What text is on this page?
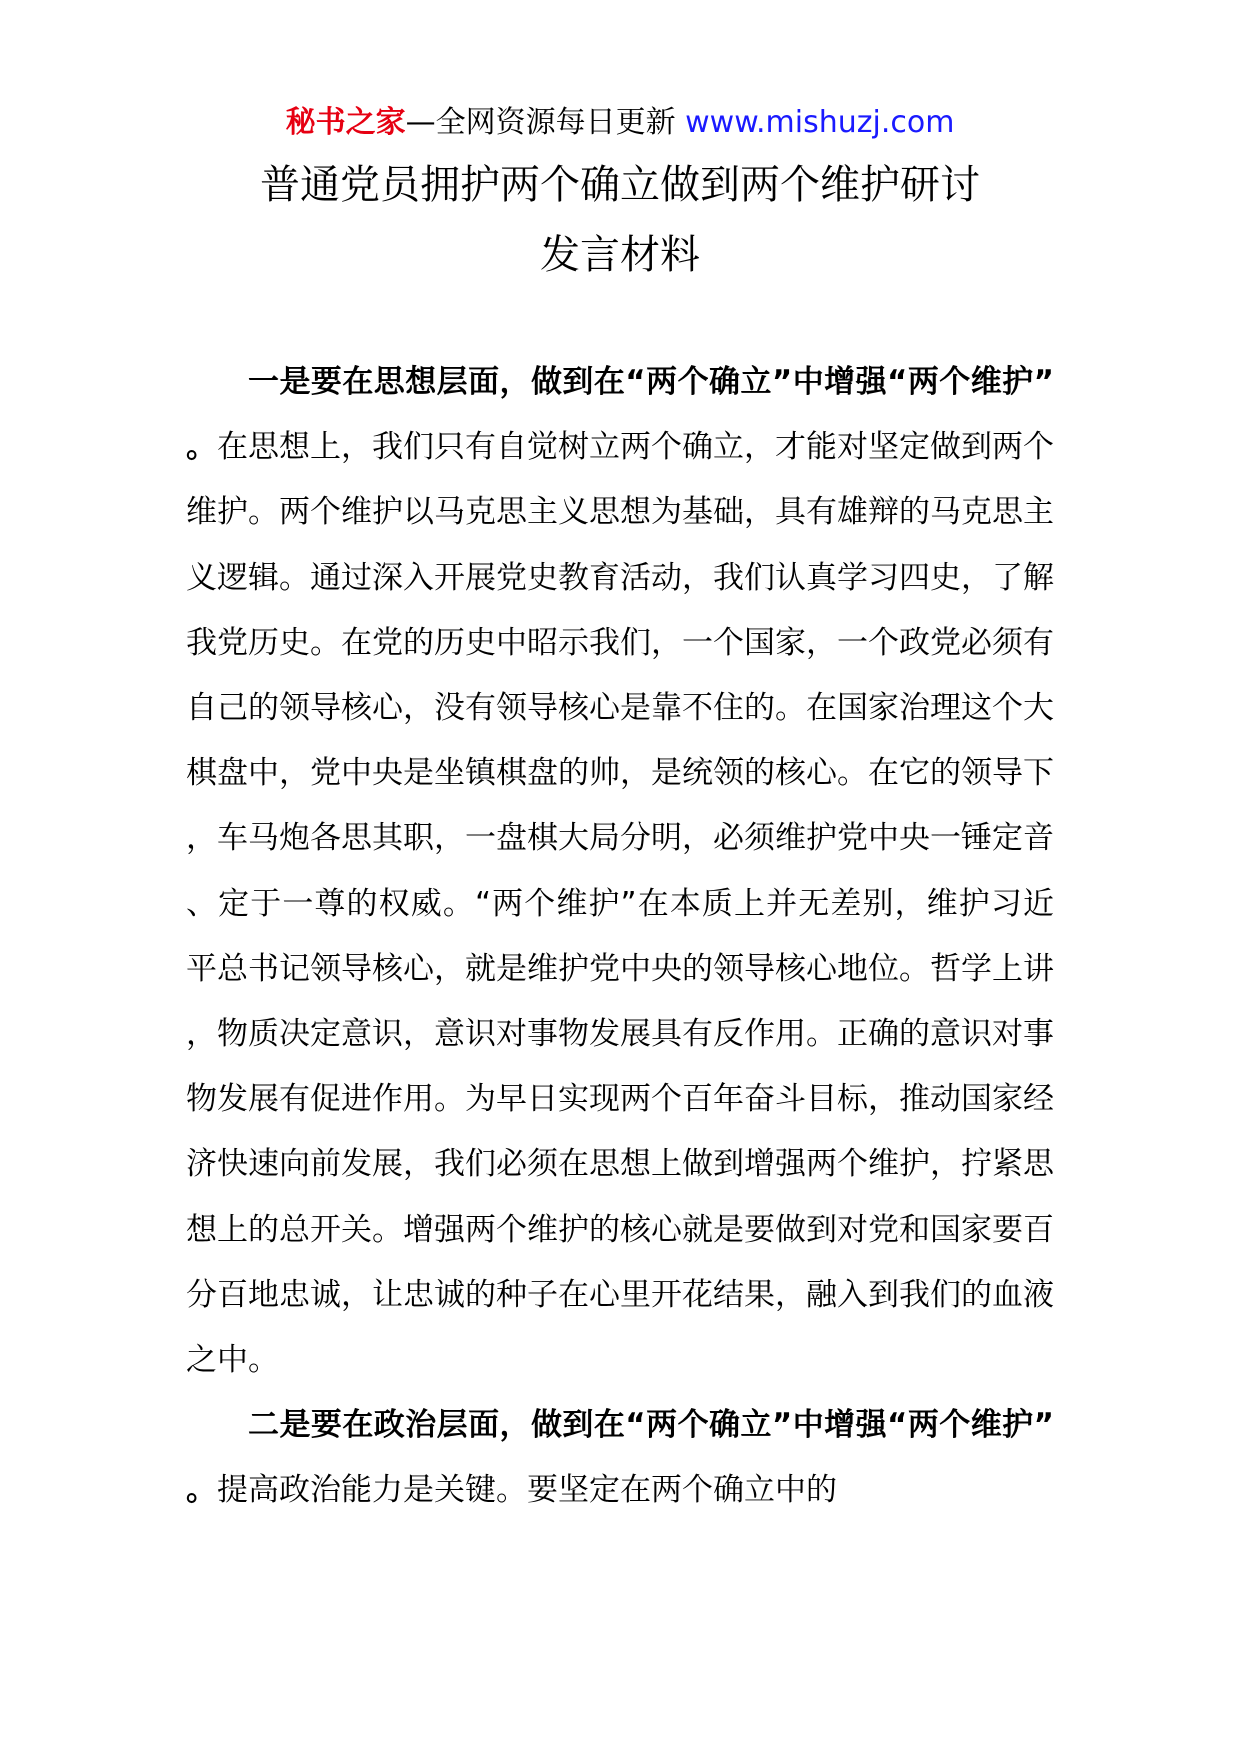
秘书之家—全网资源每日更新 www.mishuzj.com
普通党员拥护两个确立做到两个维护研讨
发言材料

一是要在思想层面，做到在“两个确立”中增强“两个维护”。在思想上，我们只有自觉树立两个确立，才能对坚定做到两个维护。两个维护以马克思主义思想为基础，具有雄辩的马克思主义逻辑。通过深入开展党史教育活动，我们认真学习四史，了解我党历史。在党的历史中昭示我们，一个国家，一个政党必须有自己的领导核心，没有领导核心是靠不住的。在国家治理这个大棋盘中，党中央是坐镇棋盘的帅，是统领的核心。在它的领导下，车马炮各思其职，一盘棋大局分明，必须维护党中央一锤定音、定于一尊的权威。“两个维护”在本质上并无差别，维护习近平总书记领导核心，就是维护党中央的领导核心地位。哲学上讲，物质决定意识，意识对事物发展具有反作用。正确的意识对事物发展有促进作用。为早日实现两个百年奋斗目标，推动国家经济快速向前发展，我们必须在思想上做到增强两个维护，拧紧思想上的总开关。增强两个维护的核心就是要做到对党和国家要百分百地忠诚，让忠诚的种子在心里开花结果，融入到我们的血液之中。

二是要在政治层面，做到在“两个确立”中增强“两个维护”。提高政治能力是关键。要坚定在两个确立中的
